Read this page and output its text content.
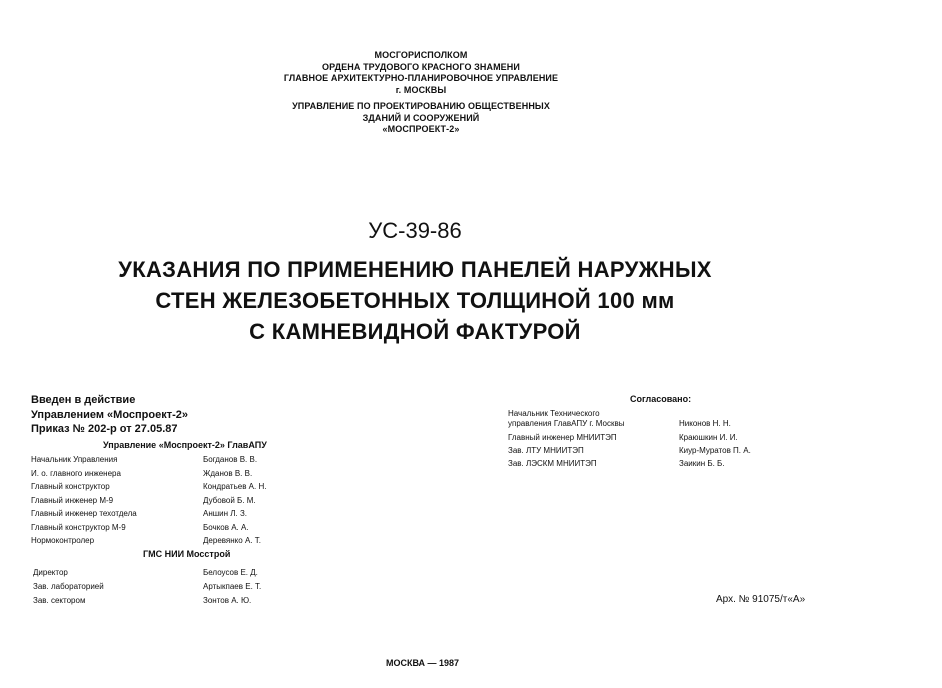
МОСГОРИСПОЛКОМ
ОРДЕНА ТРУДОВОГО КРАСНОГО ЗНАМЕНИ
ГЛАВНОЕ АРХИТЕКТУРНО-ПЛАНИРОВОЧНОЕ УПРАВЛЕНИЕ
г. МОСКВЫ
УПРАВЛЕНИЕ ПО ПРОЕКТИРОВАНИЮ ОБЩЕСТВЕННЫХ
ЗДАНИЙ И СООРУЖЕНИЙ
«МОСПРОЕКТ-2»
УС-39-86
УКАЗАНИЯ ПО ПРИМЕНЕНИЮ ПАНЕЛЕЙ НАРУЖНЫХ
СТЕН ЖЕЛЕЗОБЕТОННЫХ ТОЛЩИНОЙ 100 мм
С КАМНЕВИДНОЙ ФАКТУРОЙ
Введен в действие
Управлением «Моспроект-2»
Приказ № 202-р от 27.05.87
Управление «Моспроект-2» ГлавАПУ
Начальник Управления	Богданов В. В.
И. о. главного инженера	Жданов В. В.
Главный конструктор	Кондратьев А. Н.
Главный инженер М-9	Дубовой Б. М.
Главный инженер техотдела	Аншин Л. З.
Главный конструктор М-9	Бочков А. А.
Нормоконтролер	Деревянко А. Т.
ГМС НИИ Мосстрой
Директор	Белоусов Е. Д.
Зав. лабораторией	Артыкпаев Е. Т.
Зав. сектором	Зонтов А. Ю.
Согласовано:
Начальник Технического
управления ГлавАПУ г. Москвы	Никонов Н. Н.
Главный инженер МНИИТЭП	Краюшкин И. И.
Зав. ЛТУ МНИИТЭП	Киур-Муратов П. А.
Зав. ЛЭСКМ МНИИТЭП	Заикин Б. Б.
Арх. № 91075/т«А»
МОСКВА — 1987
